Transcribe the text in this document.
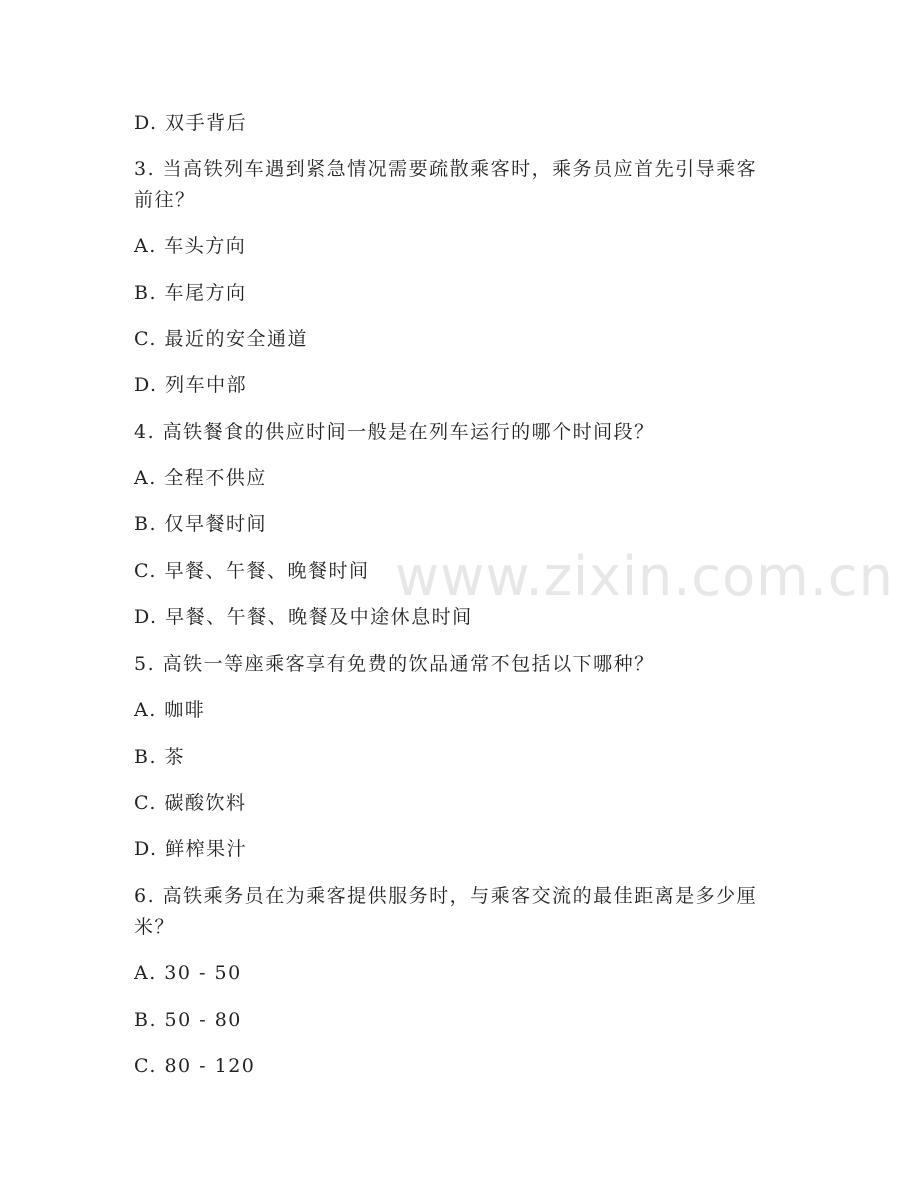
www.zixin.com.cn
D. 双手背后
3. 当高铁列车遇到紧急情况需要疏散乘客时，乘务员应首先引导乘客
前往？
A. 车头方向
B. 车尾方向
C. 最近的安全通道
D. 列车中部
4. 高铁餐食的供应时间一般是在列车运行的哪个时间段？
A. 全程不供应
B. 仅早餐时间
C. 早餐、午餐、晚餐时间
D. 早餐、午餐、晚餐及中途休息时间
5. 高铁一等座乘客享有免费的饮品通常不包括以下哪种？
A. 咖啡
B. 茶
C. 碳酸饮料
D. 鲜榨果汁
6. 高铁乘务员在为乘客提供服务时，与乘客交流的最佳距离是多少厘
米？
A. 30 - 50
B. 50 - 80
C. 80 - 120
